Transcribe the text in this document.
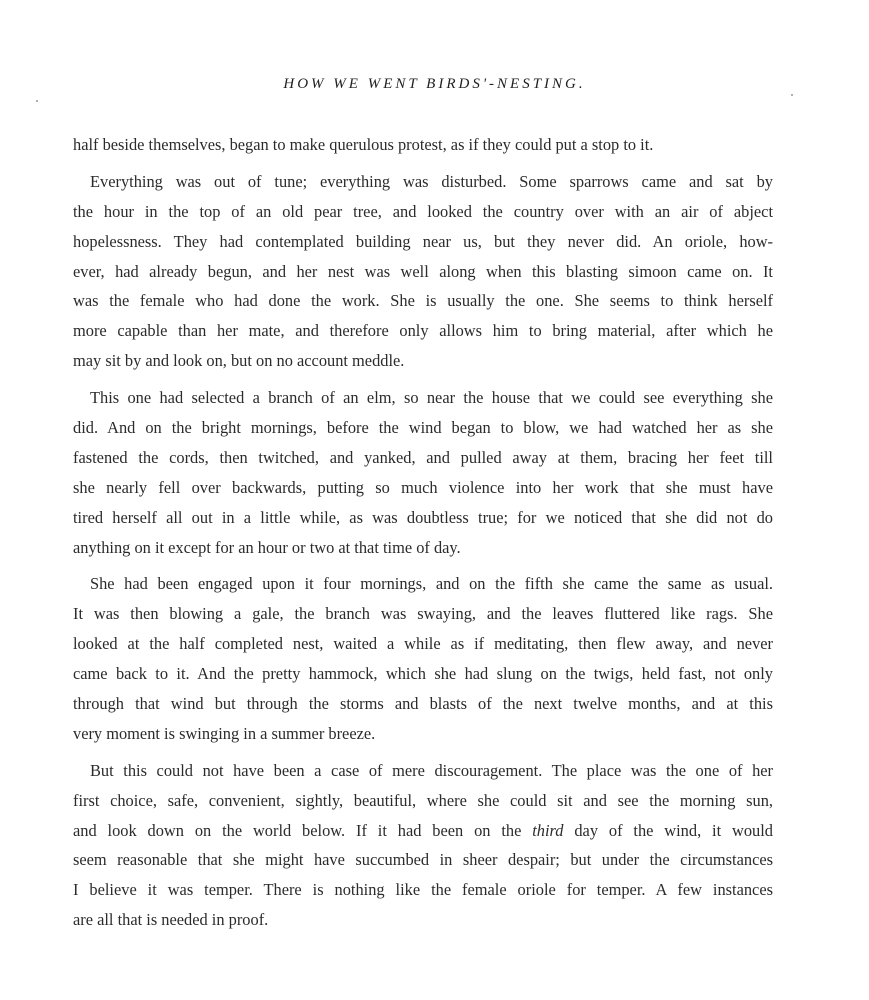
HOW WE WENT BIRDS'-NESTING.
half beside themselves, began to make querulous protest, as if they could put a stop to it.
Everything was out of tune; everything was disturbed. Some sparrows came and sat by
the hour in the top of an old pear tree, and looked the country over with an air of abject
hopelessness. They had contemplated building near us, but they never did. An oriole, how-
ever, had already begun, and her nest was well along when this blasting simoon came on. It
was the female who had done the work. She is usually the one. She seems to think herself
more capable than her mate, and therefore only allows him to bring material, after which he
may sit by and look on, but on no account meddle.
This one had selected a branch of an elm, so near the house that we could see everything she
did. And on the bright mornings, before the wind began to blow, we had watched her as she
fastened the cords, then twitched, and yanked, and pulled away at them, bracing her feet till
she nearly fell over backwards, putting so much violence into her work that she must have
tired herself all out in a little while, as was doubtless true; for we noticed that she did not do
anything on it except for an hour or two at that time of day.
She had been engaged upon it four mornings, and on the fifth she came the same as usual.
It was then blowing a gale, the branch was swaying, and the leaves fluttered like rags. She
looked at the half completed nest, waited a while as if meditating, then flew away, and never
came back to it. And the pretty hammock, which she had slung on the twigs, held fast, not only
through that wind but through the storms and blasts of the next twelve months, and at this
very moment is swinging in a summer breeze.
But this could not have been a case of mere discouragement. The place was the one of her
first choice, safe, convenient, sightly, beautiful, where she could sit and see the morning sun,
and look down on the world below. If it had been on the third day of the wind, it would
seem reasonable that she might have succumbed in sheer despair; but under the circumstances
I believe it was temper. There is nothing like the female oriole for temper. A few instances
are all that is needed in proof.
